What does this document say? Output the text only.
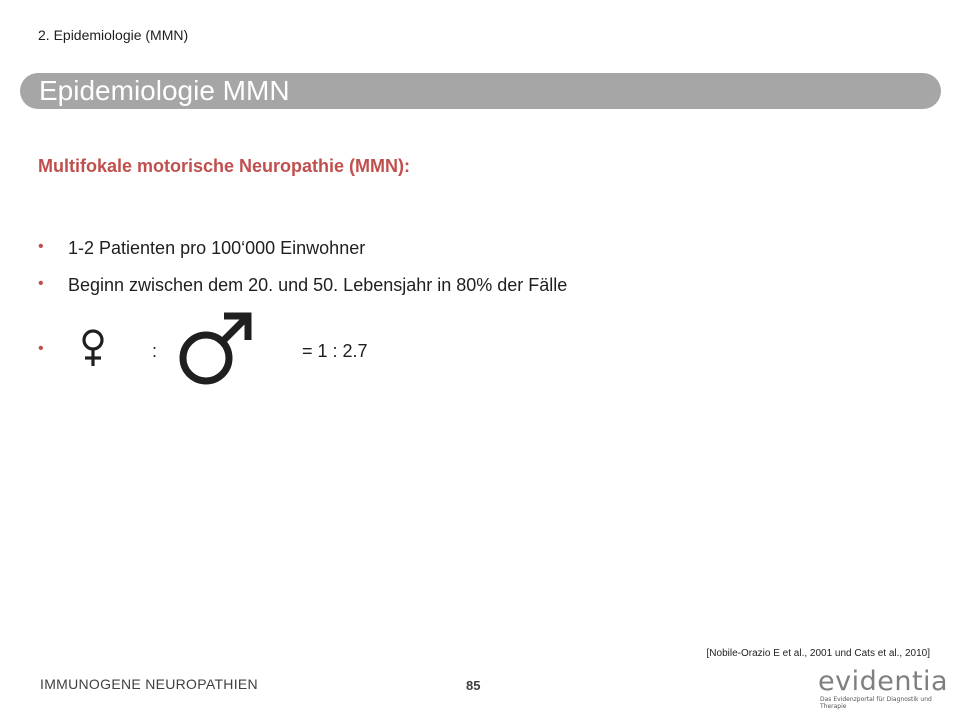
2. Epidemiologie (MMN)
Epidemiologie MMN
Multifokale motorische Neuropathie (MMN):
• 1-2 Patienten pro 100‘000 Einwohner
• Beginn zwischen dem 20. und 50. Lebensjahr in 80% der Fälle
•	:	= 1 : 2.7
[Nobile-Orazio E et al., 2001 und Cats et al., 2010]
IMMUNOGENE NEUROPATHIEN	85	evidentia
Das Evidenzportal für Diagnostik und Therapie
